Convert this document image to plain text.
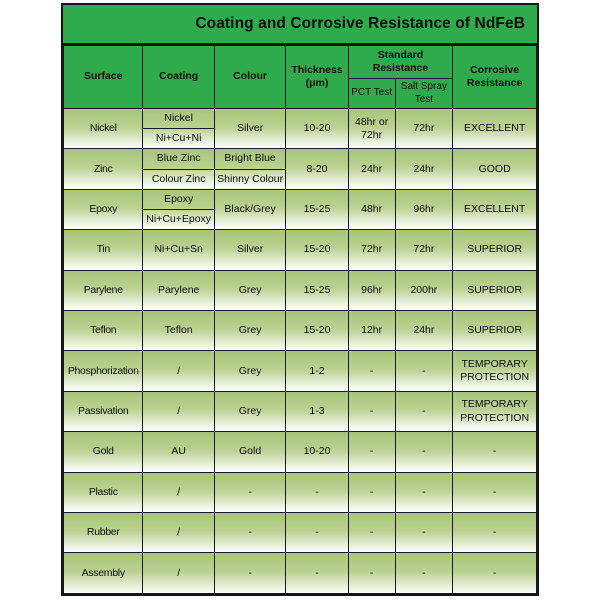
Coating and Corrosive Resistance of NdFeB
Surface	Coating	Colour	Thickness (μm)	Standard Resistance		Corrosive Resistance
				PCT Test	Salt Spray Test	
Nickel	Nickel	Silver	10-20	48hr or 72hr	72hr	EXCELLENT
	Ni+Cu+Ni					
Zinc	Blue Zinc	Bright Blue	8-20	24hr	24hr	GOOD
	Colour Zinc	Shinny Colour				
Epoxy	Epoxy	Black/Grey	15-25	48hr	96hr	EXCELLENT
	Ni+Cu+Epoxy					
Tin	Ni+Cu+Sn	Silver	15-20	72hr	72hr	SUPERIOR
Parylene	Parylene	Grey	15-25	96hr	200hr	SUPERIOR
Teflon	Teflon	Grey	15-20	12hr	24hr	SUPERIOR
Phosphorization	/	Grey	1-2	-	-	TEMPORARY PROTECTION
Passivation	/	Grey	1-3	-	-	TEMPORARY PROTECTION
Gold	AU	Gold	10-20	-	-	-
Plastic	/	-	-	-	-	-
Rubber	/	-	-	-	-	-
Assembly	/	-	-	-	-	-
